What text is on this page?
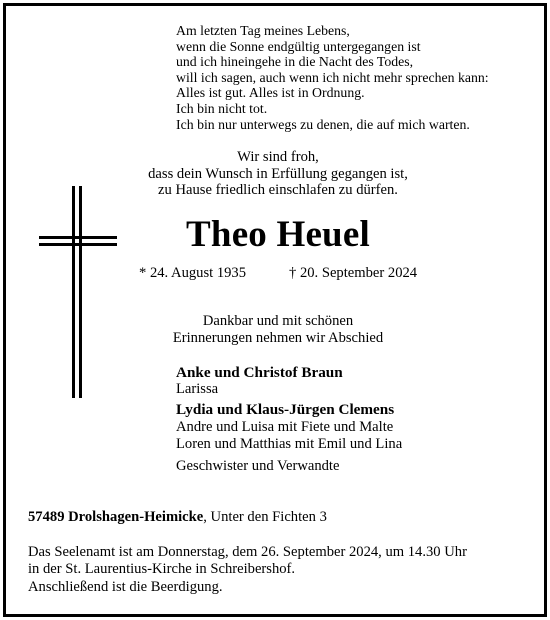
Am letzten Tag meines Lebens,
wenn die Sonne endgültig untergegangen ist
und ich hineingehe in die Nacht des Todes,
will ich sagen, auch wenn ich nicht mehr sprechen kann:
Alles ist gut. Alles ist in Ordnung.
Ich bin nicht tot.
Ich bin nur unterwegs zu denen, die auf mich warten.
Wir sind froh,
dass dein Wunsch in Erfüllung gegangen ist,
zu Hause friedlich einschlafen zu dürfen.
Theo Heuel
* 24. August 1935	† 20. September 2024
Dankbar und mit schönen
Erinnerungen nehmen wir Abschied
Anke und Christof Braun
Larissa
Lydia und Klaus-Jürgen Clemens
Andre und Luisa mit Fiete und Malte
Loren und Matthias mit Emil und Lina
Geschwister und Verwandte
57489 Drolshagen-Heimicke, Unter den Fichten 3
Das Seelenamt ist am Donnerstag, dem 26. September 2024, um 14.30 Uhr
in der St. Laurentius-Kirche in Schreibershof.
Anschließend ist die Beerdigung.
